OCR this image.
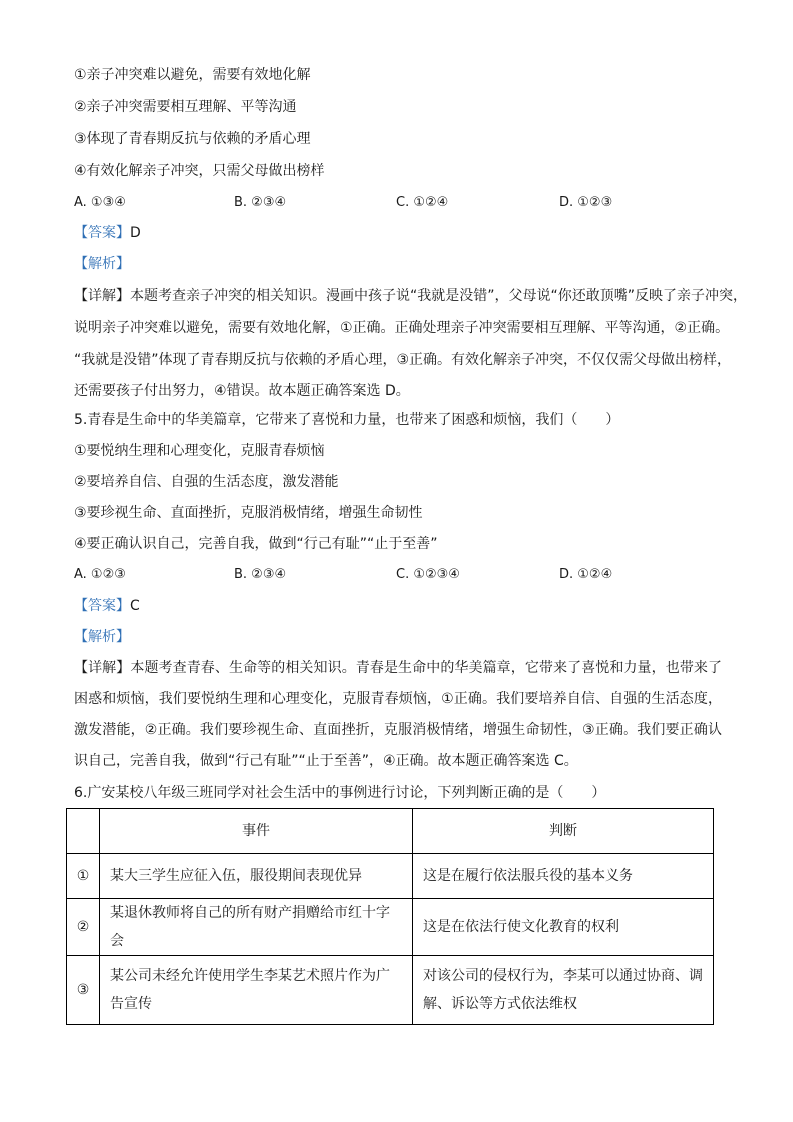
①亲子冲突难以避免，需要有效地化解
②亲子冲突需要相互理解、平等沟通
③体现了青春期反抗与依赖的矛盾心理
④有效化解亲子冲突，只需父母做出榜样
A. ①③④	B. ②③④	C. ①②④	D. ①②③
【答案】D
【解析】
【详解】本题考查亲子冲突的相关知识。漫画中孩子说“我就是没错”，父母说“你还敢顶嘴”反映了亲子冲突，
说明亲子冲突难以避免，需要有效地化解，①正确。正确处理亲子冲突需要相互理解、平等沟通，②正确。
“我就是没错”体现了青春期反抗与依赖的矛盾心理，③正确。有效化解亲子冲突，不仅仅需父母做出榜样，
还需要孩子付出努力，④错误。故本题正确答案选 D。
5.青春是生命中的华美篇章，它带来了喜悦和力量，也带来了困惑和烦恼，我们（　　）
①要悦纳生理和心理变化，克服青春烦恼
②要培养自信、自强的生活态度，激发潜能
③要珍视生命、直面挫折，克服消极情绪，增强生命韧性
④要正确认识自己，完善自我，做到“行己有耻”“止于至善”
A. ①②③	B. ②③④	C. ①②③④	D. ①②④
【答案】C
【解析】
【详解】本题考查青春、生命等的相关知识。青春是生命中的华美篇章，它带来了喜悦和力量，也带来了
困惑和烦恼，我们要悦纳生理和心理变化，克服青春烦恼，①正确。我们要培养自信、自强的生活态度，
激发潜能，②正确。我们要珍视生命、直面挫折，克服消极情绪，增强生命韧性，③正确。我们要正确认
识自己，完善自我，做到“行己有耻”“止于至善”，④正确。故本题正确答案选 C。
6.广安某校八年级三班同学对社会生活中的事例进行讨论，下列判断正确的是（　　）
	事件	判断
①	某大三学生应征入伍，服役期间表现优异	这是在履行依法服兵役的基本义务
②	某退休教师将自己的所有财产捐赠给市红十字会	这是在依法行使文化教育的权利
③	某公司未经允许使用学生李某艺术照片作为广告宣传	对该公司的侵权行为，李某可以通过协商、调解、诉讼等方式依法维权
